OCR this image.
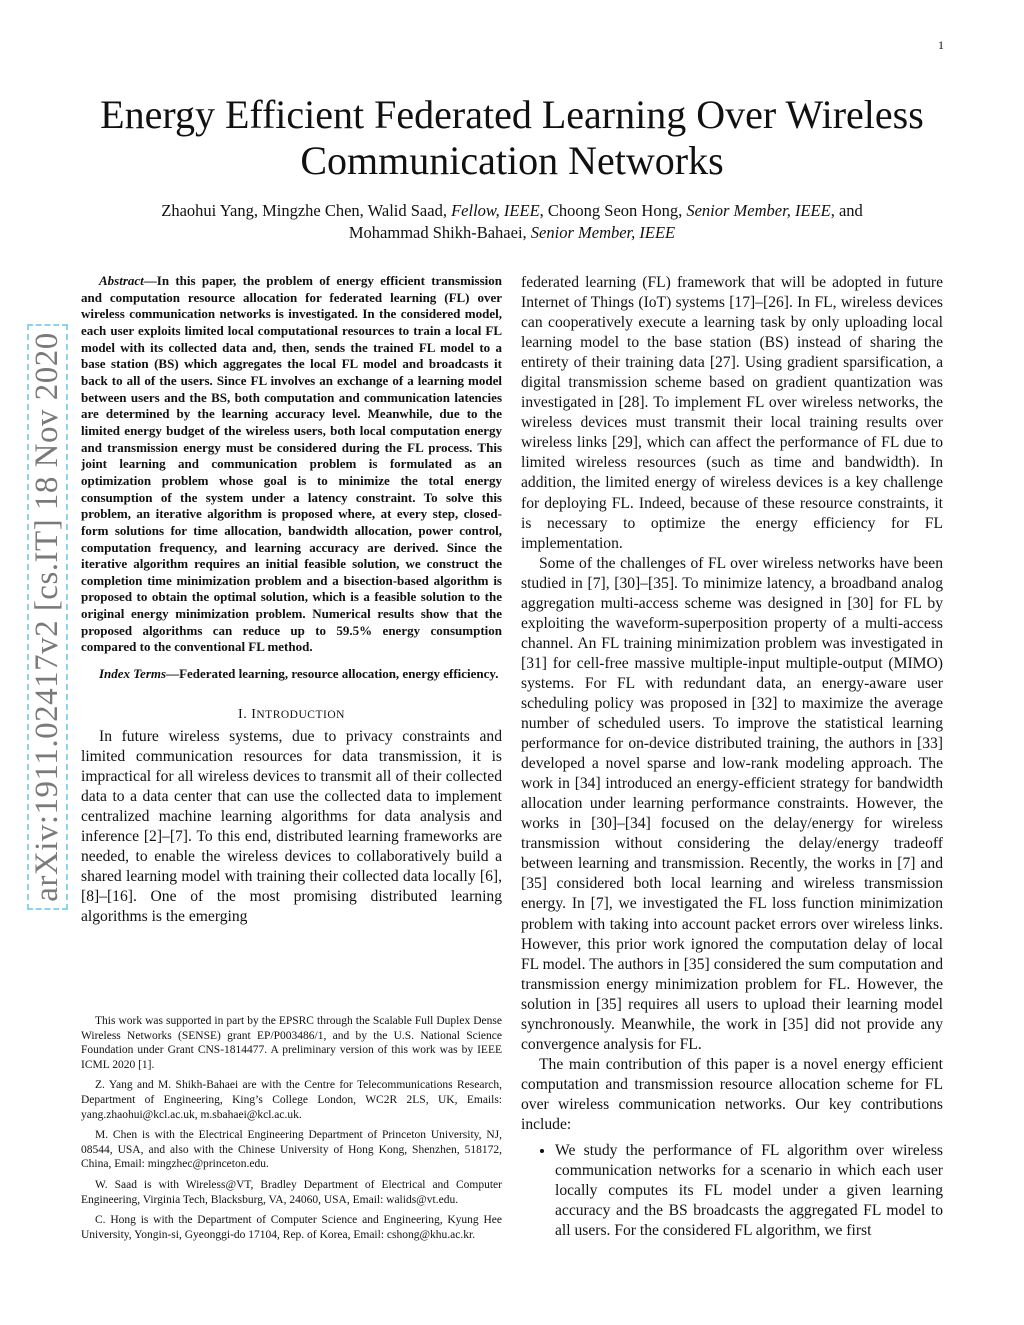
1
arXiv:1911.02417v2 [cs.IT] 18 Nov 2020
Energy Efficient Federated Learning Over Wireless Communication Networks
Zhaohui Yang, Mingzhe Chen, Walid Saad, Fellow, IEEE, Choong Seon Hong, Senior Member, IEEE, and
Mohammad Shikh-Bahaei, Senior Member, IEEE

Abstract—In this paper, the problem of energy efficient transmission and computation resource allocation for federated learning (FL) over wireless communication networks is investigated. In the considered model, each user exploits limited local computational resources to train a local FL model with its collected data and, then, sends the trained FL model to a base station (BS) which aggregates the local FL model and broadcasts it back to all of the users. Since FL involves an exchange of a learning model between users and the BS, both computation and communication latencies are determined by the learning accuracy level. Meanwhile, due to the limited energy budget of the wireless users, both local computation energy and transmission energy must be considered during the FL process. This joint learning and communication problem is formulated as an optimization problem whose goal is to minimize the total energy consumption of the system under a latency constraint. To solve this problem, an iterative algorithm is proposed where, at every step, closed-form solutions for time allocation, bandwidth allocation, power control, computation frequency, and learning accuracy are derived. Since the iterative algorithm requires an initial feasible solution, we construct the completion time minimization problem and a bisection-based algorithm is proposed to obtain the optimal solution, which is a feasible solution to the original energy minimization problem. Numerical results show that the proposed algorithms can reduce up to 59.5% energy consumption compared to the conventional FL method.

Index Terms—Federated learning, resource allocation, energy efficiency.

I. INTRODUCTION

In future wireless systems, due to privacy constraints and limited communication resources for data transmission, it is impractical for all wireless devices to transmit all of their collected data to a data center that can use the collected data to implement centralized machine learning algorithms for data analysis and inference [2]–[7]. To this end, distributed learning frameworks are needed, to enable the wireless devices to collaboratively build a shared learning model with training their collected data locally [6], [8]–[16]. One of the most promising distributed learning algorithms is the emerging

This work was supported in part by the EPSRC through the Scalable Full Duplex Dense Wireless Networks (SENSE) grant EP/P003486/1, and by the U.S. National Science Foundation under Grant CNS-1814477. A preliminary version of this work was by IEEE ICML 2020 [1].

Z. Yang and M. Shikh-Bahaei are with the Centre for Telecommunications Research, Department of Engineering, King’s College London, WC2R 2LS, UK, Emails: yang.zhaohui@kcl.ac.uk, m.sbahaei@kcl.ac.uk.

M. Chen is with the Electrical Engineering Department of Princeton University, NJ, 08544, USA, and also with the Chinese University of Hong Kong, Shenzhen, 518172, China, Email: mingzhec@princeton.edu.

W. Saad is with Wireless@VT, Bradley Department of Electrical and Computer Engineering, Virginia Tech, Blacksburg, VA, 24060, USA, Email: walids@vt.edu.

C. Hong is with the Department of Computer Science and Engineering, Kyung Hee University, Yongin-si, Gyeonggi-do 17104, Rep. of Korea, Email: cshong@khu.ac.kr.

federated learning (FL) framework that will be adopted in future Internet of Things (IoT) systems [17]–[26]. In FL, wireless devices can cooperatively execute a learning task by only uploading local learning model to the base station (BS) instead of sharing the entirety of their training data [27]. Using gradient sparsification, a digital transmission scheme based on gradient quantization was investigated in [28]. To implement FL over wireless networks, the wireless devices must transmit their local training results over wireless links [29], which can affect the performance of FL due to limited wireless resources (such as time and bandwidth). In addition, the limited energy of wireless devices is a key challenge for deploying FL. Indeed, because of these resource constraints, it is necessary to optimize the energy efficiency for FL implementation.

Some of the challenges of FL over wireless networks have been studied in [7], [30]–[35]. To minimize latency, a broadband analog aggregation multi-access scheme was designed in [30] for FL by exploiting the waveform-superposition property of a multi-access channel. An FL training minimization problem was investigated in [31] for cell-free massive multiple-input multiple-output (MIMO) systems. For FL with redundant data, an energy-aware user scheduling policy was proposed in [32] to maximize the average number of scheduled users. To improve the statistical learning performance for on-device distributed training, the authors in [33] developed a novel sparse and low-rank modeling approach. The work in [34] introduced an energy-efficient strategy for bandwidth allocation under learning performance constraints. However, the works in [30]–[34] focused on the delay/energy for wireless transmission without considering the delay/energy tradeoff between learning and transmission. Recently, the works in [7] and [35] considered both local learning and wireless transmission energy. In [7], we investigated the FL loss function minimization problem with taking into account packet errors over wireless links. However, this prior work ignored the computation delay of local FL model. The authors in [35] considered the sum computation and transmission energy minimization problem for FL. However, the solution in [35] requires all users to upload their learning model synchronously. Meanwhile, the work in [35] did not provide any convergence analysis for FL.

The main contribution of this paper is a novel energy efficient computation and transmission resource allocation scheme for FL over wireless communication networks. Our key contributions include:

• We study the performance of FL algorithm over wireless communication networks for a scenario in which each user locally computes its FL model under a given learning accuracy and the BS broadcasts the aggregated FL model to all users. For the considered FL algorithm, we first
